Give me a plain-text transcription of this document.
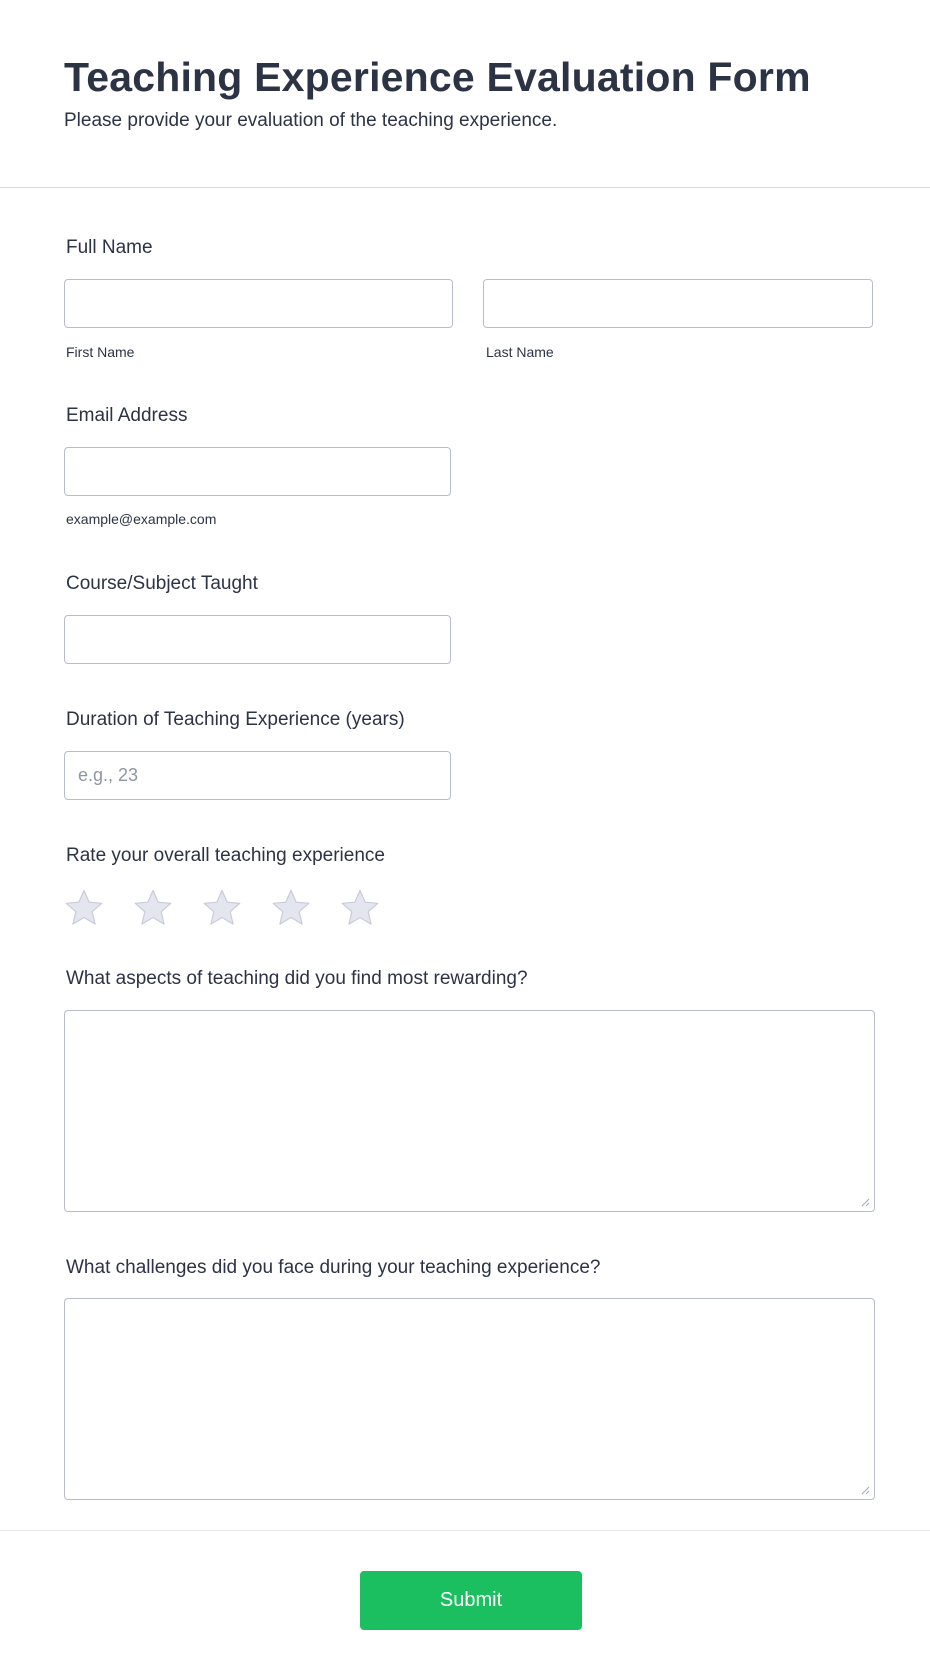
Teaching Experience Evaluation Form
Please provide your evaluation of the teaching experience.
Full Name
First Name	Last Name
Email Address
example@example.com
Course/Subject Taught
Duration of Teaching Experience (years)
e.g., 23
Rate your overall teaching experience
What aspects of teaching did you find most rewarding?
What challenges did you face during your teaching experience?
Submit
